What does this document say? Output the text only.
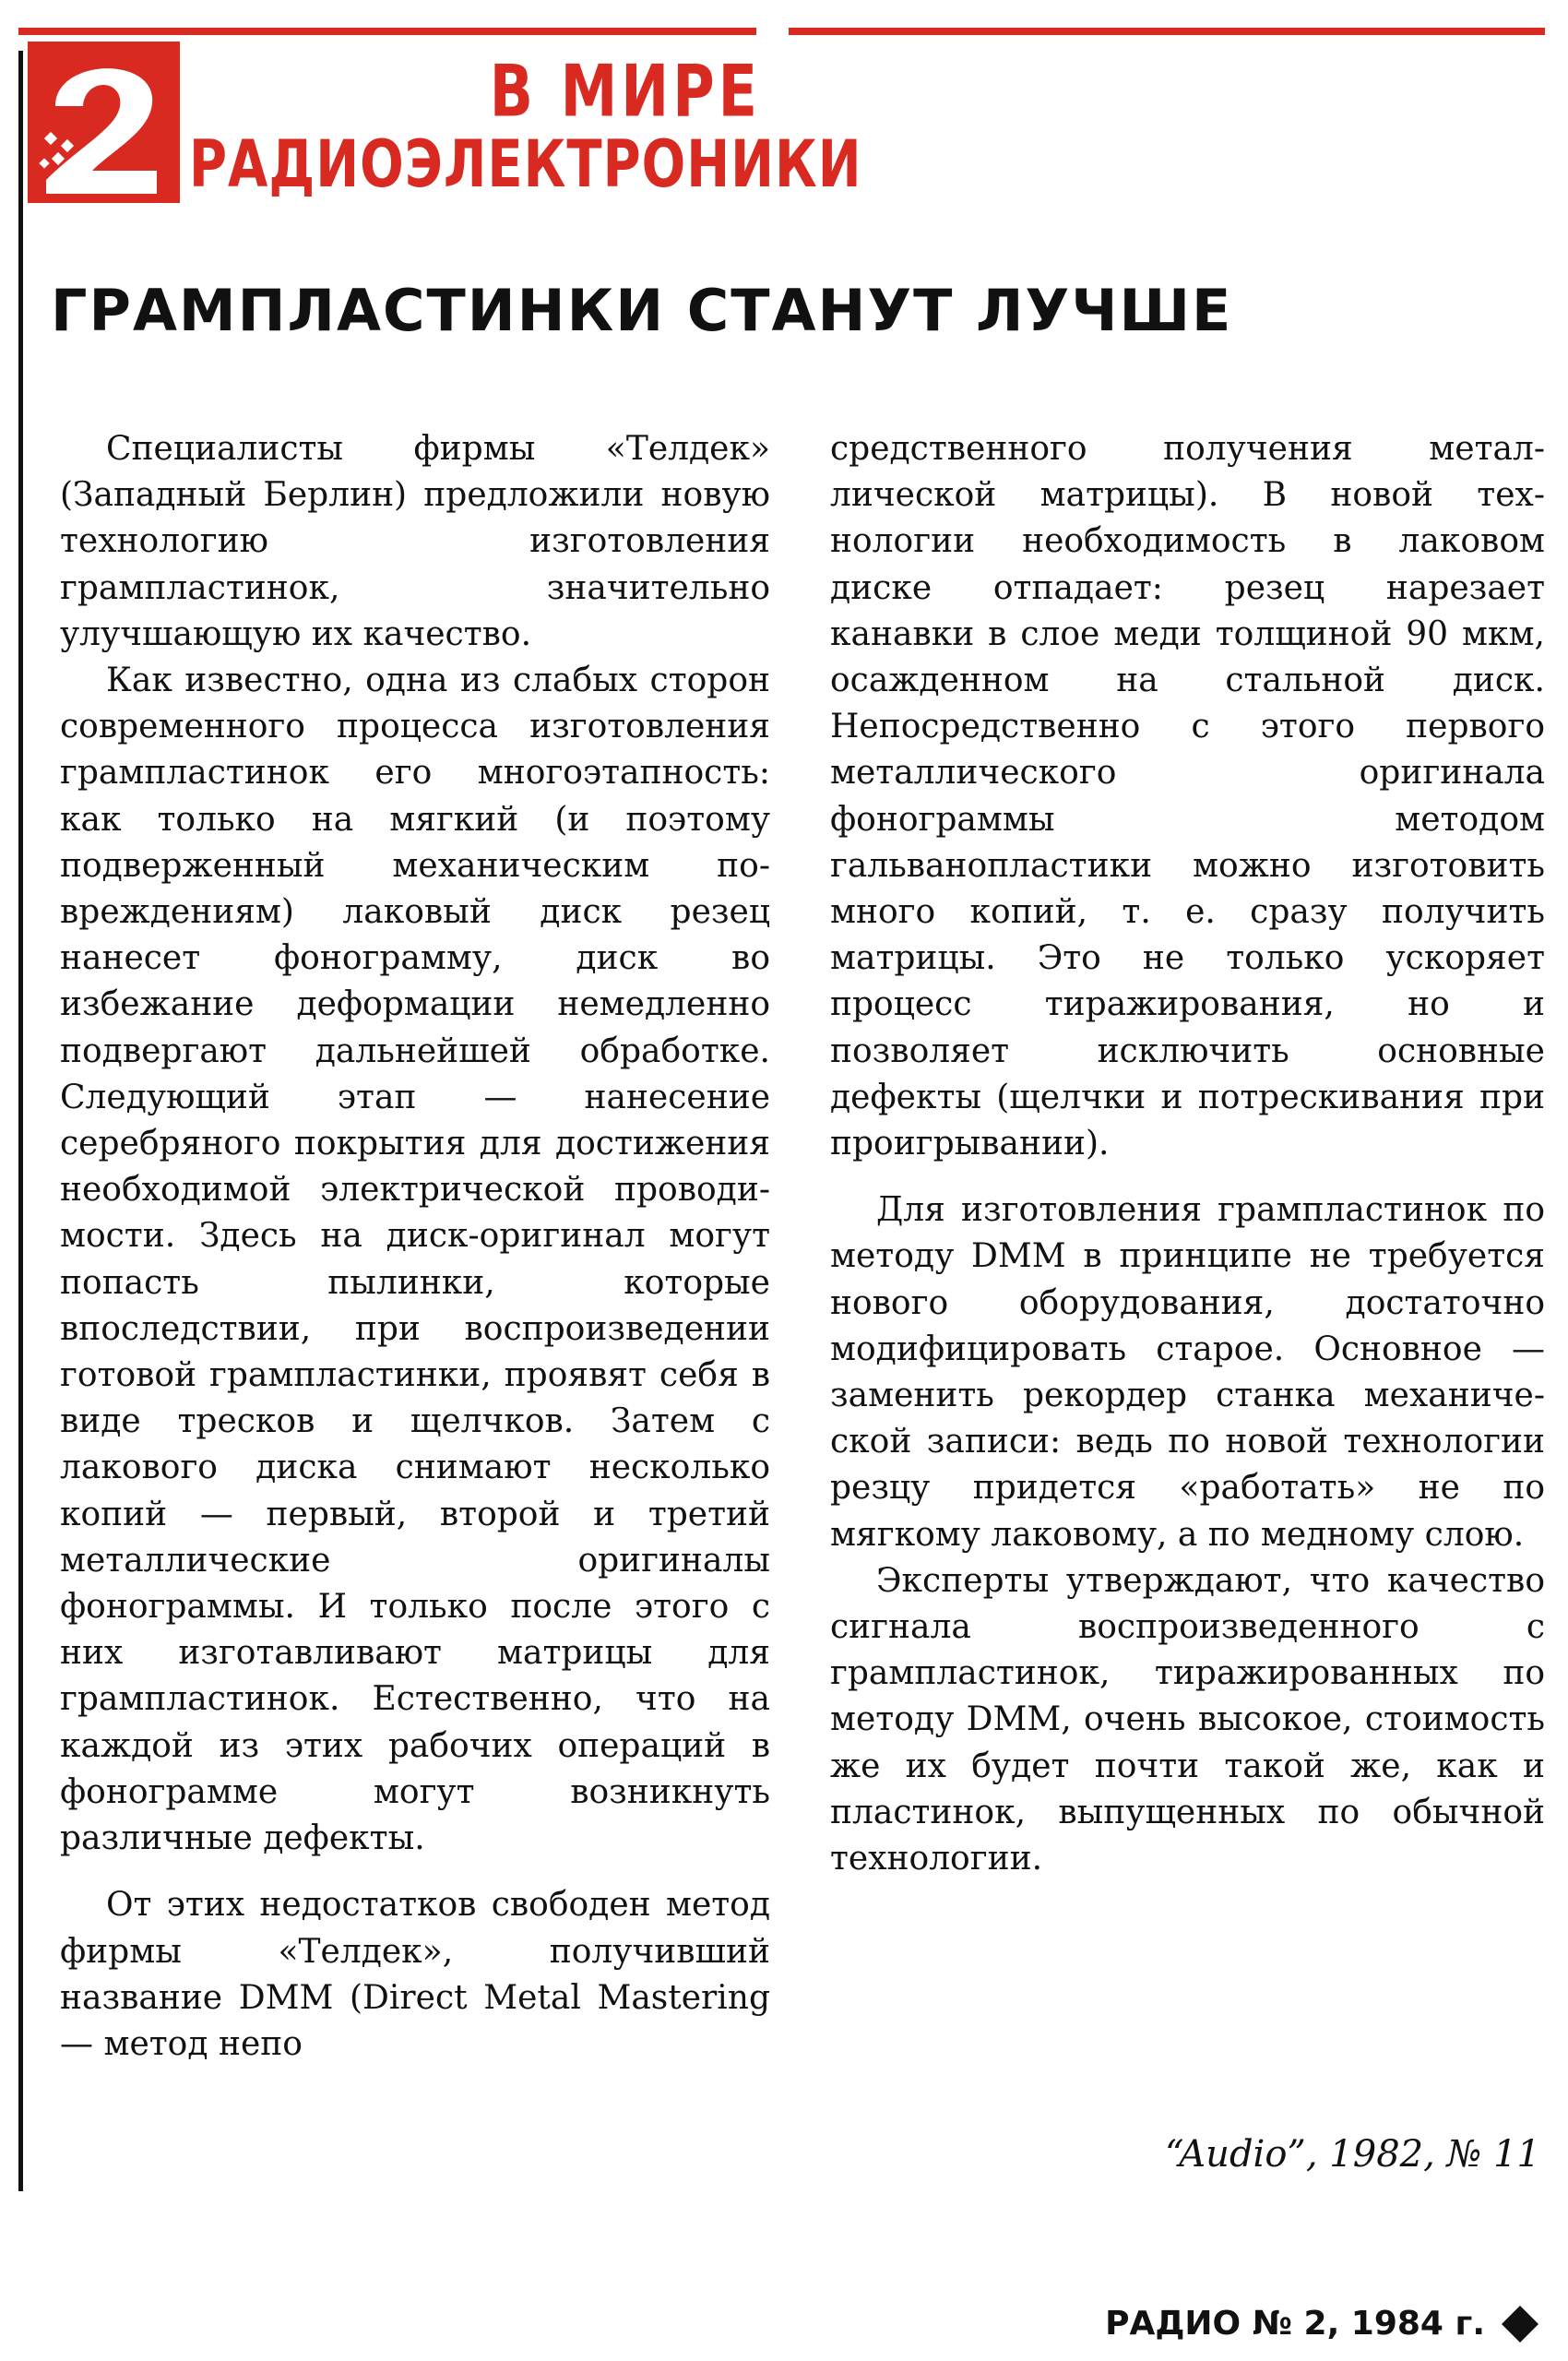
В МИРЕ
РАДИОЭЛЕКТРОНИКИ
ГРАМПЛАСТИНКИ СТАНУТ ЛУЧШЕ

Специалисты фирмы «Телдек» (Западный Берлин) предложили новую технологию изготовления грампластинок, значительно улучшающую их качество.

Как известно, одна из слабых сторон современного процесса изготовления грампластинок его многоэтапность: как только на мягкий (и поэтому подверженный механическим повреждениям) лаковый диск резец нанесет фонограмму, диск во избежание деформации немедленно подвергают дальнейшей обработке. Следующий этап — нанесение серебряного покрытия для достижения необходимой электрической проводимости. Здесь на диск-оригинал могут попасть пылинки, которые впоследствии, при воспроизведении готовой грампластинки, проявят себя в виде тресков и щелчков. Затем с лакового диска снимают несколько копий — первый, второй и третий металлические оригиналы фонограммы. И только после этого с них изготавливают матрицы для грампластинок. Естественно, что на каждой из этих рабочих операций в фонограмме могут возникнуть различные дефекты.

От этих недостатков свободен метод фирмы «Телдек», получивший название DMM (Direct Metal Mastering — метод непо

средственного получения металлической матрицы). В новой технологии необходимость в лаковом диске отпадает: резец нарезает канавки в слое меди толщиной 90 мкм, осажденном на стальной диск. Непосредственно с этого первого металлического оригинала фонограммы методом гальванопластики можно изготовить много копий, т. е. сразу получить матрицы. Это не только ускоряет процесс тиражирования, но и позволяет исключить основные дефекты (щелчки и потрескивания при проигрывании).

Для изготовления грампластинок по методу DMM в принципе не требуется нового оборудования, достаточно модифицировать старое. Основное — заменить рекордер станка механической записи: ведь по новой технологии резцу придется «работать» не по мягкому лаковому, а по медному слою.

Эксперты утверждают, что качество сигнала воспроизведенного с грампластинок, тиражированных по методу DMM, очень высокое, стоимость же их будет почти такой же, как и пластинок, выпущенных по обычной технологии.

“Audio”, 1982, № 11
РАДИО № 2, 1984 г.
